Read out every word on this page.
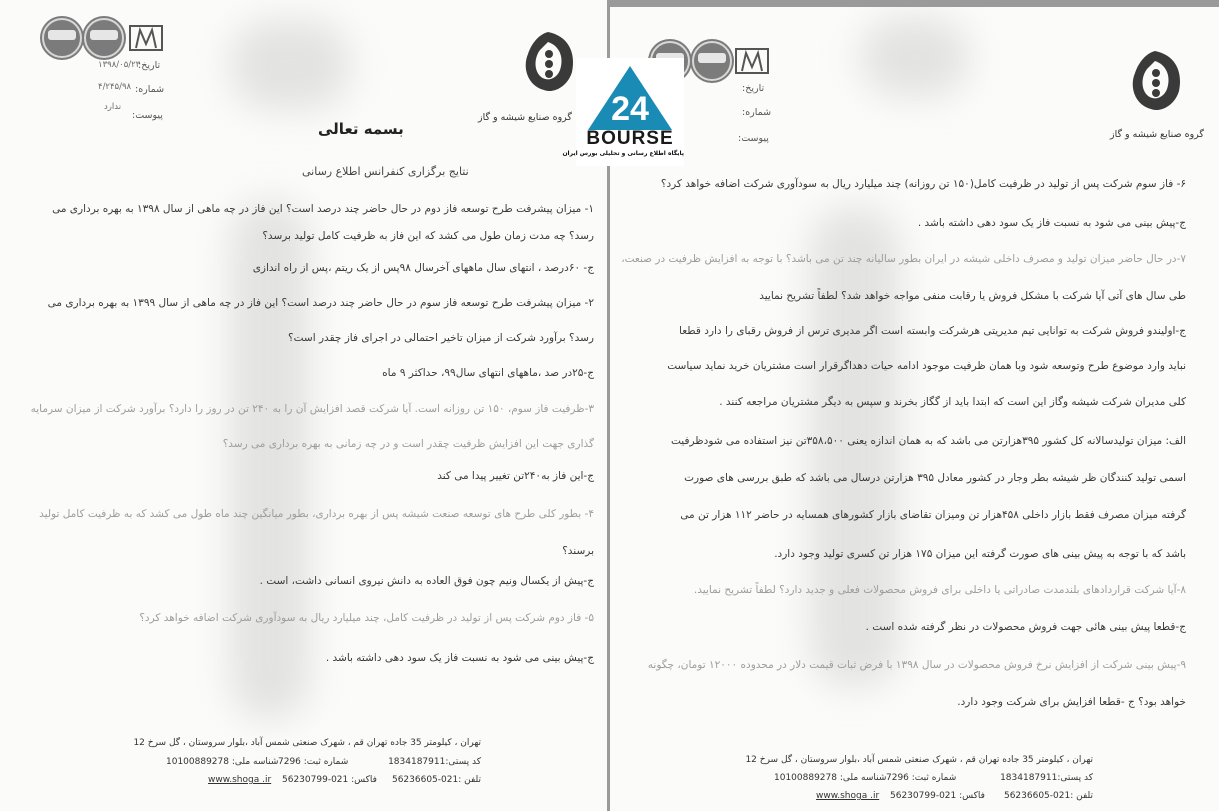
تاریخ:
۱۳۹۸/۰۵/۲۳
شماره:
۴/۲۴۵/۹۸
پیوست:
ندارد
گروه صنایع شیشه و گاز
بسمه تعالی
نتایج برگزاری کنفرانس اطلاع رسانی
۱- میزان پیشرفت طرح توسعه فاز دوم در حال حاضر چند درصد است؟ این فاز در چه ماهی از سال ۱۳۹۸ به بهره برداری می
رسد؟ چه مدت زمان طول می کشد که این فاز به ظرفیت کامل تولید برسد؟
ج- ۶۰درصد ، انتهای سال ماههای آخرسال ۹۸پس از یک ریتم ،پس از راه اندازی
۲- میزان پیشرفت طرح توسعه فاز سوم در حال حاضر چند درصد است؟ این فاز در چه ماهی از سال ۱۳۹۹ به بهره برداری می
رسد؟ برآورد شرکت از میزان تاخیر احتمالی در اجرای فاز چقدر است؟
ج-۲۵در صد ،ماههای انتهای سال۹۹، حداکثر ۹ ماه
۳-ظرفیت فاز سوم، ۱۵۰ تن روزانه است. آیا شرکت قصد افزایش آن را به ۲۴۰ تن در روز را دارد؟ برآورد شرکت از میزان سرمایه
گذاری جهت این افزایش ظرفیت چقدر است و در چه زمانی به بهره برداری می رسد؟
ج-این فاز به۲۴۰تن تغییر پیدا می کند
۴- بطور کلی طرح های توسعه صنعت شیشه پس از بهره برداری، بطور میانگین چند ماه طول می کشد که به ظرفیت کامل تولید
برسند؟
ج-پیش از یکسال ونیم چون فوق العاده به دانش نیروی انسانی داشت، است .
۵- فاز دوم شرکت پس از تولید در ظرفیت کامل، چند میلیارد ریال به سودآوری شرکت اضافه خواهد کرد؟
ج-پیش بینی می شود به نسبت فاز یک سود دهی داشته باشد .
تهران ، کیلومتر 35 جاده تهران قم ، شهرک صنعتی شمس آباد ،بلوار سروستان ، گل سرخ 12
کد پستی:1834187911
شماره ثبت: 7296
شناسه ملی: 10100889278
تلفن :021-56236605
فاکس: 021-56230799
www.shoga .ir
تاریخ:
شماره:
پیوست:	گروه صنایع شیشه و گاز
۶- فاز سوم شرکت پس از تولید در ظرفیت کامل(۱۵۰ تن روزانه) چند میلیارد ریال به سودآوری شرکت اضافه خواهد کرد؟
ج-پیش بینی می شود به نسبت فاز یک سود دهی داشته باشد .
۷-در حال حاضر میزان تولید و مصرف داخلی شیشه در ایران بطور سالیانه چند تن می باشد؟ با توجه به افزایش ظرفیت در صنعت،
طی سال های آتی آیا شرکت با مشکل فروش یا رقابت منفی مواجه خواهد شد؟ لطفاً تشریح نمایید
ج-اولیندو فروش شرکت به توانایی تیم مدیریتی هرشرکت وابسته است اگر مدیری ترس از فروش رقبای را دارد قطعا
نباید وارد موضوع طرح وتوسعه شود وبا همان ظرفیت موجود ادامه حیات دهداگرقرار است مشتریان خرید نماید سیاست
کلی مدیران شرکت شیشه وگاز این است که ابتدا باید از گگاز بخرند و سپس به دیگر مشتریان مراجعه کنند .
الف: میزان تولیدسالانه کل کشور ۳۹۵هزارتن می باشد که به همان اندازه یعنی ۳۵۸،۵۰۰تن نیز استفاده می شودظرفیت
اسمی تولید کنندگان ظر شیشه بطر وجار در کشور معادل ۳۹۵ هزارتن درسال می باشد که طبق بررسی های صورت
گرفته میزان مصرف فقط بازار داخلی ۴۵۸هزار تن ومیزان تقاضای بازار کشورهای همسایه در حاضر ۱۱۲ هزار تن می
باشد که با توجه به پیش بینی های صورت گرفته این میزان ۱۷۵ هزار تن کسری تولید وجود دارد.
۸-آیا شرکت قراردادهای بلندمدت صادراتی یا داخلی برای فروش محصولات فعلی و جدید دارد؟ لطفاً تشریح نمایید.
ج-قطعا پیش بینی هائی جهت فروش محصولات در نظر گرفته شده است .
۹-پیش بینی شرکت از افزایش نرخ فروش محصولات در سال ۱۳۹۸ با فرض ثبات قیمت دلار در محدوده ۱۲۰۰۰ تومان، چگونه
خواهد بود؟ ج -قطعا افزایش برای شرکت وجود دارد.
تهران ، کیلومتر 35 جاده تهران قم ، شهرک صنعتی شمس آباد ،بلوار سروستان ، گل سرخ 12
کد پستی:1834187911
شماره ثبت: 7296
شناسه ملی: 10100889278
تلفن :021-56236605
فاکس: 021-56230799
www.shoga .ir
24
BOURSE
پایگاه اطلاع رسانی و تحلیلی بورس ایران
